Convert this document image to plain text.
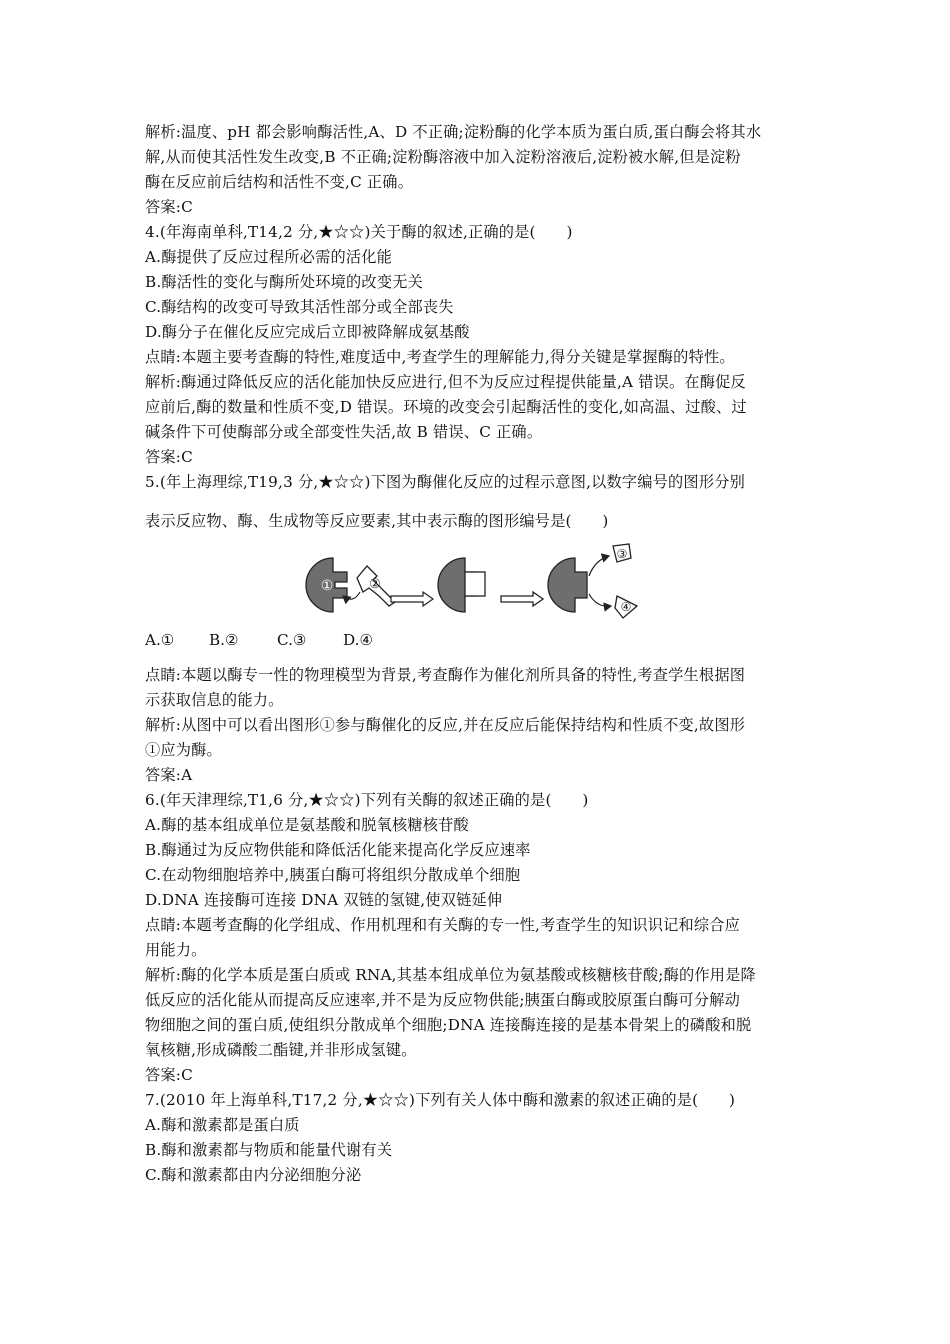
解析:温度、pH 都会影响酶活性,A、D 不正确;淀粉酶的化学本质为蛋白质,蛋白酶会将其水
解,从而使其活性发生改变,B 不正确;淀粉酶溶液中加入淀粉溶液后,淀粉被水解,但是淀粉
酶在反应前后结构和活性不变,C 正确。
答案:C
4.(年海南单科,T14,2 分,★☆☆)关于酶的叙述,正确的是(　　)
A.酶提供了反应过程所必需的活化能
B.酶活性的变化与酶所处环境的改变无关
C.酶结构的改变可导致其活性部分或全部丧失
D.酶分子在催化反应完成后立即被降解成氨基酸
点睛:本题主要考查酶的特性,难度适中,考查学生的理解能力,得分关键是掌握酶的特性。
解析:酶通过降低反应的活化能加快反应进行,但不为反应过程提供能量,A 错误。在酶促反
应前后,酶的数量和性质不变,D 错误。环境的改变会引起酶活性的变化,如高温、过酸、过
碱条件下可使酶部分或全部变性失活,故 B 错误、C 正确。
答案:C
5.(年上海理综,T19,3 分,★☆☆)下图为酶催化反应的过程示意图,以数字编号的图形分别
表示反应物、酶、生成物等反应要素,其中表示酶的图形编号是(　　)
①	②
③
④
A.① B.②	C.③ D.④
点睛:本题以酶专一性的物理模型为背景,考查酶作为催化剂所具备的特性,考查学生根据图
示获取信息的能力。
解析:从图中可以看出图形①参与酶催化的反应,并在反应后能保持结构和性质不变,故图形
①应为酶。
答案:A
6.(年天津理综,T1,6 分,★☆☆)下列有关酶的叙述正确的是(　　)
A.酶的基本组成单位是氨基酸和脱氧核糖核苷酸
B.酶通过为反应物供能和降低活化能来提高化学反应速率
C.在动物细胞培养中,胰蛋白酶可将组织分散成单个细胞
D.DNA 连接酶可连接 DNA 双链的氢键,使双链延伸
点睛:本题考查酶的化学组成、作用机理和有关酶的专一性,考查学生的知识识记和综合应
用能力。
解析:酶的化学本质是蛋白质或 RNA,其基本组成单位为氨基酸或核糖核苷酸;酶的作用是降
低反应的活化能从而提高反应速率,并不是为反应物供能;胰蛋白酶或胶原蛋白酶可分解动
物细胞之间的蛋白质,使组织分散成单个细胞;DNA 连接酶连接的是基本骨架上的磷酸和脱
氧核糖,形成磷酸二酯键,并非形成氢键。
答案:C
7.(2010 年上海单科,T17,2 分,★☆☆)下列有关人体中酶和激素的叙述正确的是(　　)
A.酶和激素都是蛋白质
B.酶和激素都与物质和能量代谢有关
C.酶和激素都由内分泌细胞分泌
